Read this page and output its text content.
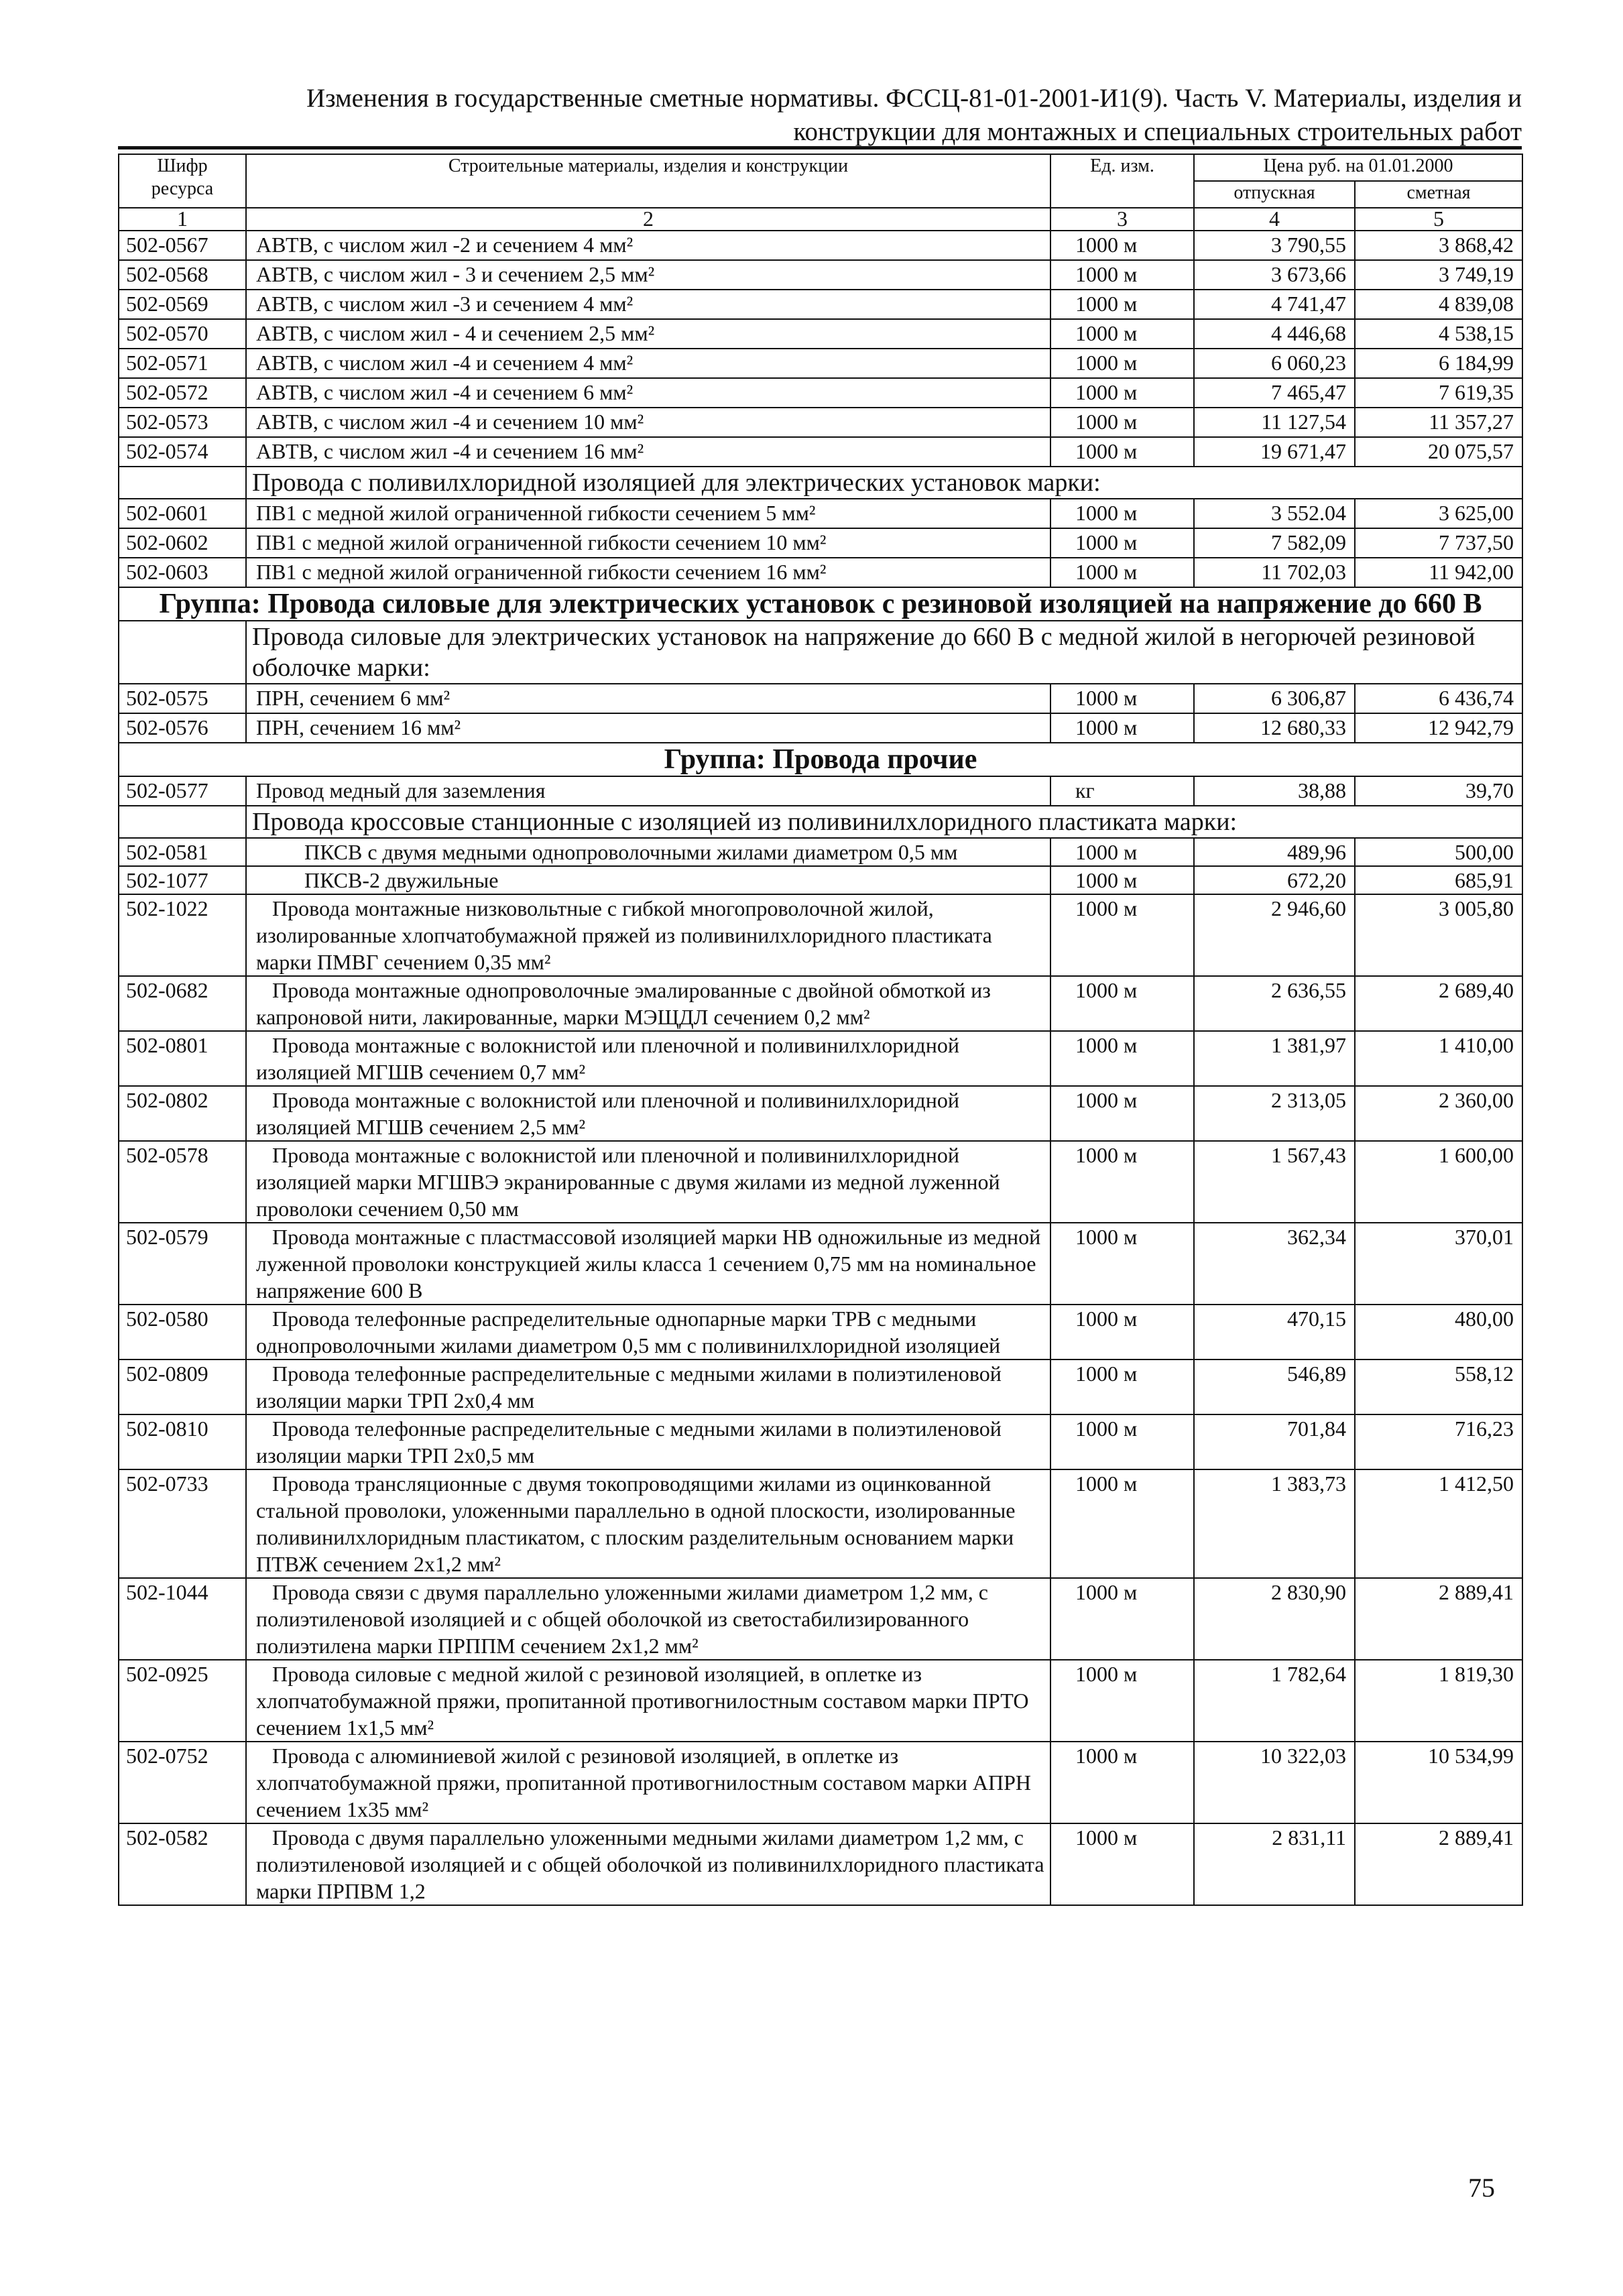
Изменения в государственные сметные нормативы. ФССЦ-81-01-2001-И1(9). Часть V. Материалы, изделия и
конструкции для монтажных и специальных строительных работ
Шифр ресурса	Строительные материалы, изделия и конструкции	Ед. изм.	Цена руб. на 01.01.2000	
			отпускная	сметная
1	2	3	4	5
502-0567	АВТВ, с числом жил -2 и сечением 4 мм²	1000 м	3 790,55	3 868,42
502-0568	АВТВ, с числом жил - 3 и сечением 2,5 мм²	1000 м	3 673,66	3 749,19
502-0569	АВТВ, с числом жил -3 и сечением 4 мм²	1000 м	4 741,47	4 839,08
502-0570	АВТВ, с числом жил - 4 и сечением 2,5 мм²	1000 м	4 446,68	4 538,15
502-0571	АВТВ, с числом жил -4 и сечением 4 мм²	1000 м	6 060,23	6 184,99
502-0572	АВТВ, с числом жил -4 и сечением 6 мм²	1000 м	7 465,47	7 619,35
502-0573	АВТВ, с числом жил -4 и сечением 10 мм²	1000 м	11 127,54	11 357,27
502-0574	АВТВ, с числом жил -4 и сечением 16 мм²	1000 м	19 671,47	20 075,57
	Провода с поливилхлоридной изоляцией для электрических установок марки:			
502-0601	ПВ1 с медной жилой ограниченной гибкости сечением 5 мм²	1000 м	3 552.04	3 625,00
502-0602	ПВ1 с медной жилой ограниченной гибкости сечением 10 мм²	1000 м	7 582,09	7 737,50
502-0603	ПВ1 с медной жилой ограниченной гибкости сечением 16 мм²	1000 м	11 702,03	11 942,00
Группа: Провода силовые для электрических установок с резиновой изоляцией на напряжение до 660 В				
	Провода силовые для электрических установок на напряжение до 660 В с медной жилой в негорючей резиновой оболочке марки:			
502-0575	ПРН, сечением 6 мм²	1000 м	6 306,87	6 436,74
502-0576	ПРН, сечением 16 мм²	1000 м	12 680,33	12 942,79
Группа: Провода прочие				
502-0577	Провод медный для заземления	кг	38,88	39,70
	Провода кроссовые станционные с изоляцией из поливинилхлоридного пластиката марки:			
502-0581	ПКСВ с двумя медными однопроволочными жилами диаметром 0,5 мм	1000 м	489,96	500,00
502-1077	ПКСВ-2 двужильные	1000 м	672,20	685,91
502-1022	Провода монтажные низковольтные с гибкой многопроволочной жилой, изолированные хлопчатобумажной пряжей из поливинилхлоридного пластиката марки ПМВГ сечением 0,35 мм²	1000 м	2 946,60	3 005,80
502-0682	Провода монтажные однопроволочные эмалированные с двойной обмоткой из капроновой нити, лакированные, марки МЭЩДЛ сечением 0,2 мм²	1000 м	2 636,55	2 689,40
502-0801	Провода монтажные с волокнистой или пленочной и поливинилхлоридной изоляцией МГШВ сечением 0,7 мм²	1000 м	1 381,97	1 410,00
502-0802	Провода монтажные с волокнистой или пленочной и поливинилхлоридной изоляцией МГШВ сечением 2,5 мм²	1000 м	2 313,05	2 360,00
502-0578	Провода монтажные с волокнистой или пленочной и поливинилхлоридной изоляцией марки МГШВЭ экранированные с двумя жилами из медной луженной проволоки сечением 0,50 мм	1000 м	1 567,43	1 600,00
502-0579	Провода монтажные с пластмассовой изоляцией марки НВ одножильные из медной луженной проволоки конструкцией жилы класса 1 сечением 0,75 мм на номинальное напряжение 600 В	1000 м	362,34	370,01
502-0580	Провода телефонные распределительные однопарные марки ТРВ с медными однопроволочными жилами диаметром 0,5 мм с поливинилхлоридной изоляцией	1000 м	470,15	480,00
502-0809	Провода телефонные распределительные с медными жилами в полиэтиленовой изоляции марки ТРП 2х0,4 мм	1000 м	546,89	558,12
502-0810	Провода телефонные распределительные с медными жилами в полиэтиленовой изоляции марки ТРП 2х0,5 мм	1000 м	701,84	716,23
502-0733	Провода трансляционные с двумя токопроводящими жилами из оцинкованной стальной проволоки, уложенными параллельно в одной плоскости, изолированные поливинилхлоридным пластикатом, с плоским разделительным основанием марки ПТВЖ сечением 2х1,2 мм²	1000 м	1 383,73	1 412,50
502-1044	Провода связи с двумя параллельно уложенными жилами диаметром 1,2 мм, с полиэтиленовой изоляцией и с общей оболочкой из светостабилизированного полиэтилена марки ПРППМ сечением 2х1,2 мм²	1000 м	2 830,90	2 889,41
502-0925	Провода силовые с медной жилой с резиновой изоляцией, в оплетке из хлопчатобумажной пряжи, пропитанной противогнилостным составом марки ПРТО сечением 1х1,5 мм²	1000 м	1 782,64	1 819,30
502-0752	Провода с алюминиевой жилой с резиновой изоляцией, в оплетке из хлопчатобумажной пряжи, пропитанной противогнилостным составом марки АПРН сечением 1х35 мм²	1000 м	10 322,03	10 534,99
502-0582	Провода с двумя параллельно уложенными медными жилами диаметром 1,2 мм, с полиэтиленовой изоляцией и с общей оболочкой из поливинилхлоридного пластиката марки ПРПВМ 1,2	1000 м	2 831,11	2 889,41
75
